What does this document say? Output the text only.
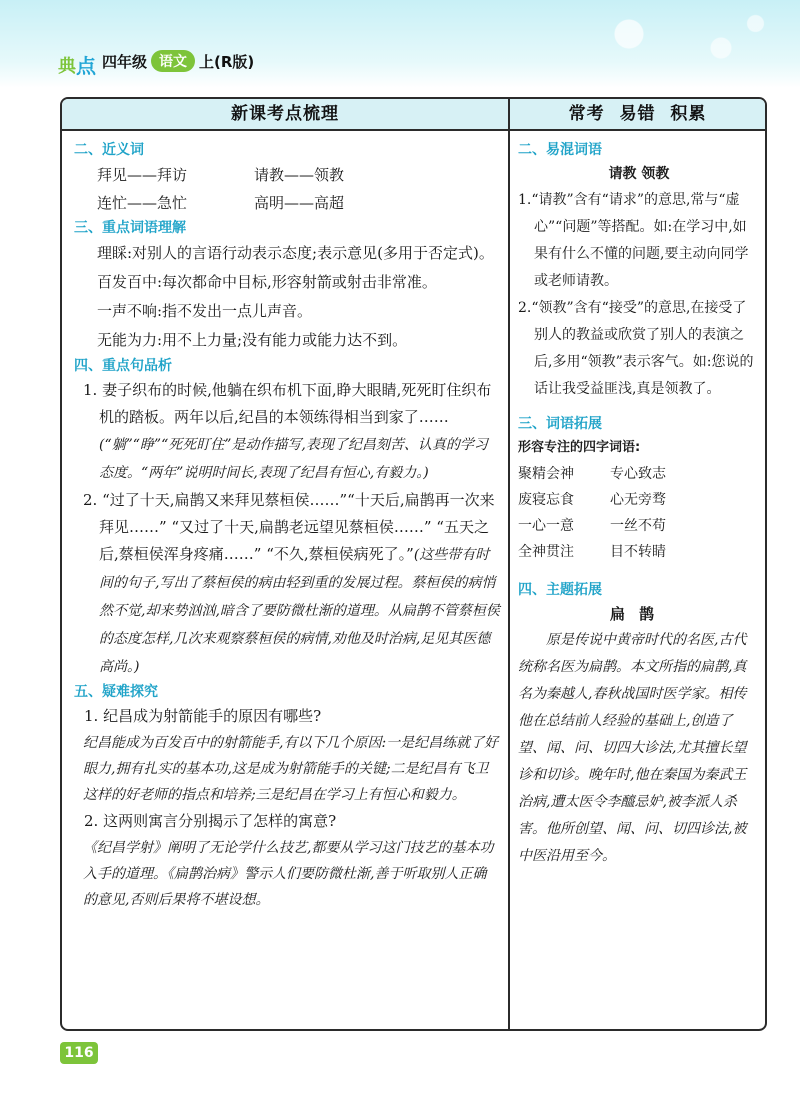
典 点 四年级 语文 上(R版)
新课考点梳理	常考 易错 积累
二、近义词
拜见——拜访	请教——领教
连忙——急忙	高明——高超
三、重点词语理解
理睬:对别人的言语行动表示态度;表示意见(多用于否定式)。
百发百中:每次都命中目标,形容射箭或射击非常准。
一声不响:指不发出一点儿声音。
无能为力:用不上力量;没有能力或能力达不到。
四、重点句品析
1. 妻子织布的时候,他躺在织布机下面,睁大眼睛,死死盯住织布机的踏板。两年以后,纪昌的本领练得相当到家了……(“躺”“睁”“死死盯住”是动作描写,表现了纪昌刻苦、认真的学习态度。“两年”说明时间长,表现了纪昌有恒心,有毅力。)
2. “过了十天,扁鹊又来拜见蔡桓侯……”“十天后,扁鹊再一次来拜见……” “又过了十天,扁鹊老远望见蔡桓侯……” “五天之后,蔡桓侯浑身疼痛……” “不久,蔡桓侯病死了。”(这些带有时间的句子,写出了蔡桓侯的病由轻到重的发展过程。蔡桓侯的病悄然不觉,却来势汹汹,暗含了要防微杜渐的道理。从扁鹊不管蔡桓侯的态度怎样,几次来观察蔡桓侯的病情,劝他及时治病,足见其医德高尚。)
五、疑难探究
1. 纪昌成为射箭能手的原因有哪些?
纪昌能成为百发百中的射箭能手,有以下几个原因:一是纪昌练就了好眼力,拥有扎实的基本功,这是成为射箭能手的关键;二是纪昌有飞卫这样的好老师的指点和培养;三是纪昌在学习上有恒心和毅力。
2. 这两则寓言分别揭示了怎样的寓意?
《纪昌学射》阐明了无论学什么技艺,都要从学习这门技艺的基本功入手的道理。《扁鹊治病》警示人们要防微杜渐,善于听取别人正确的意见,否则后果将不堪设想。
二、易混词语
请教 领教
1.“请教”含有“请求”的意思,常与“虚心”“问题”等搭配。如:在学习中,如果有什么不懂的问题,要主动向同学或老师请教。
2.“领教”含有“接受”的意思,在接受了别人的教益或欣赏了别人的表演之后,多用“领教”表示客气。如:您说的话让我受益匪浅,真是领教了。
三、词语拓展
形容专注的四字词语:
聚精会神	专心致志
废寝忘食	心无旁骛
一心一意	一丝不苟
全神贯注	目不转睛
四、主题拓展
扁鹊
原是传说中黄帝时代的名医,古代统称名医为扁鹊。本文所指的扁鹊,真名为秦越人,春秋战国时医学家。相传他在总结前人经验的基础上,创造了望、闻、问、切四大诊法,尤其擅长望诊和切诊。晚年时,他在秦国为秦武王治病,遭太医令李醯忌妒,被李派人杀害。他所创望、闻、问、切四诊法,被中医沿用至今。
116
